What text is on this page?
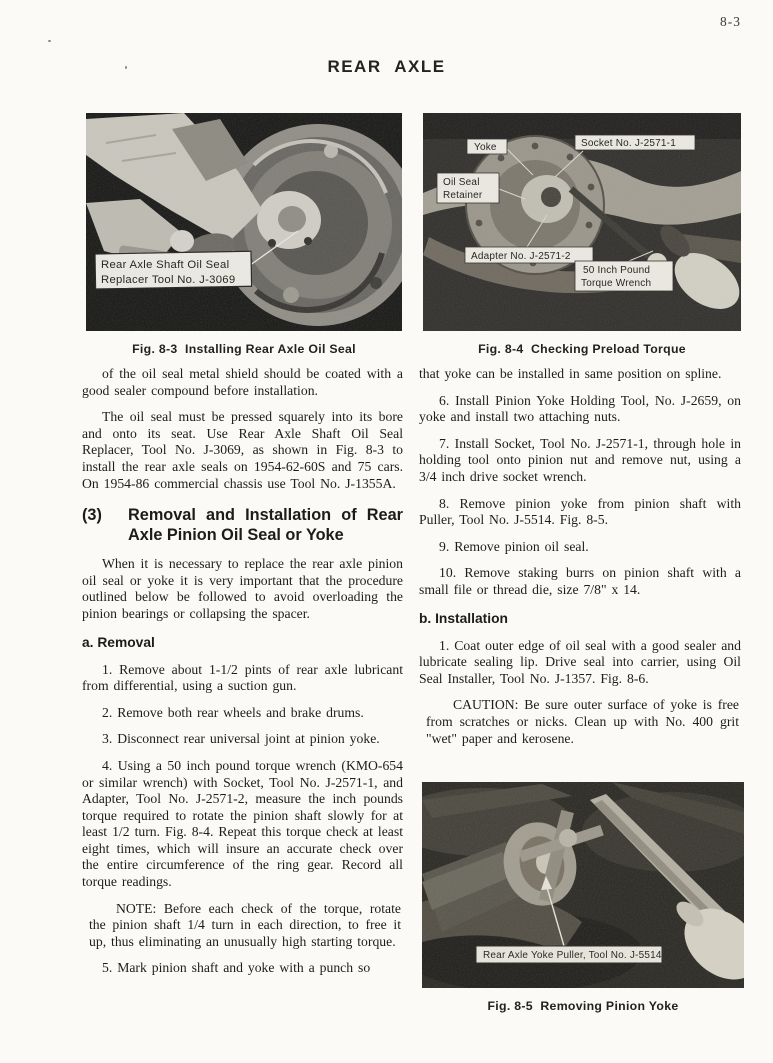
8-3
REAR AXLE
Rear Axle Shaft Oil Seal
Replacer Tool No. J-3069
Fig. 8-3  Installing Rear Axle Oil Seal
Yoke	Socket No. J-2571-1
Oil Seal
Retainer
Adapter No. J-2571-2
50 Inch Pound
Torque Wrench
Fig. 8-4  Checking Preload Torque

of the oil seal metal shield should be coated with a good sealer compound before installation.

The oil seal must be pressed squarely into its bore and onto its seat. Use Rear Axle Shaft Oil Seal Replacer, Tool No. J-3069, as shown in Fig. 8-3 to install the rear axle seals on 1954-62-60S and 75 cars. On 1954-86 commercial chassis use Tool No. J-1355A.

(3)	Removal and Installation of Rear Axle Pinion Oil Seal or Yoke

When it is necessary to replace the rear axle pinion oil seal or yoke it is very important that the procedure outlined below be followed to avoid overloading the pinion bearings or collapsing the spacer.

a. Removal

1. Remove about 1-1/2 pints of rear axle lubricant from differential, using a suction gun.

2. Remove both rear wheels and brake drums.

3. Disconnect rear universal joint at pinion yoke.

4. Using a 50 inch pound torque wrench (KMO-654 or similar wrench) with Socket, Tool No. J-2571-1, and Adapter, Tool No. J-2571-2, measure the inch pounds torque required to rotate the pinion shaft slowly for at least 1/2 turn. Fig. 8-4. Repeat this torque check at least eight times, which will insure an accurate check over the entire circumference of the ring gear. Record all torque readings.

NOTE: Before each check of the torque, rotate the pinion shaft 1/4 turn in each direction, to free it up, thus eliminating an unusually high starting torque.

5. Mark pinion shaft and yoke with a punch so

that yoke can be installed in same position on spline.

6. Install Pinion Yoke Holding Tool, No. J-2659, on yoke and install two attaching nuts.

7. Install Socket, Tool No. J-2571-1, through hole in holding tool onto pinion nut and remove nut, using a 3/4 inch drive socket wrench.

8. Remove pinion yoke from pinion shaft with Puller, Tool No. J-5514. Fig. 8-5.

9. Remove pinion oil seal.

10. Remove staking burrs on pinion shaft with a small file or thread die, size 7/8" x 14.

b. Installation

1. Coat outer edge of oil seal with a good sealer and lubricate sealing lip. Drive seal into carrier, using Oil Seal Installer, Tool No. J-1357. Fig. 8-6.

CAUTION: Be sure outer surface of yoke is free from scratches or nicks. Clean up with No. 400 grit "wet" paper and kerosene.

Rear Axle Yoke Puller, Tool No. J-5514
Fig. 8-5  Removing Pinion Yoke
